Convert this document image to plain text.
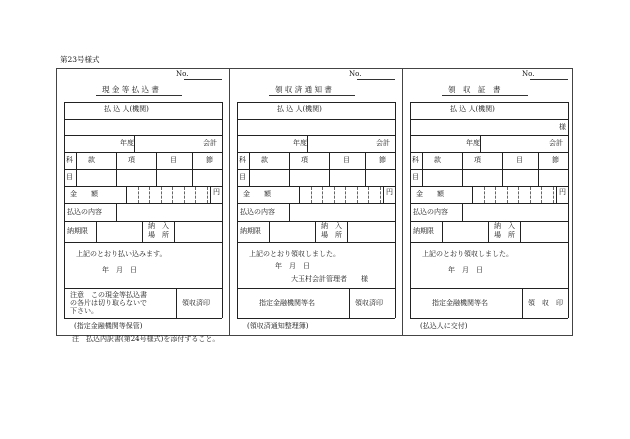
第23号様式
No.
現 金 等 払 込 書
払 込 人(機関)
年度	会計
科 款	項	目	節
目
金　　額	円
払込の内容
納期限
納　入
場　所
上記のとおり払い込みます。
年　月　日
注意　この現金等払込書
の各片は切り取らないで
下さい。
領収済印
(指定金融機関等保管)
No.
領 収 済 通 知 書
払 込 人(機関)
年度	会計
科 款	項	目	節
目
金　　額	円
払込の内容
納期限
納　入
場　所
上記のとおり領収しました。
年　月　日
大玉村会計管理者　　様
指定金融機関等名	領収済印
(領収済通知整理簿)
No.
領　収　証　書
払 込 人(機関)
様
年度	会計
科 款	項	目	節
目
金　　額	円
払込の内容
納期限
納　入
場　所
上記のとおり領収しました。
年　月　日
指定金融機関等名	領　収　印
(払込人に交付)
注　払込内訳書(第24号様式)を添付すること。
